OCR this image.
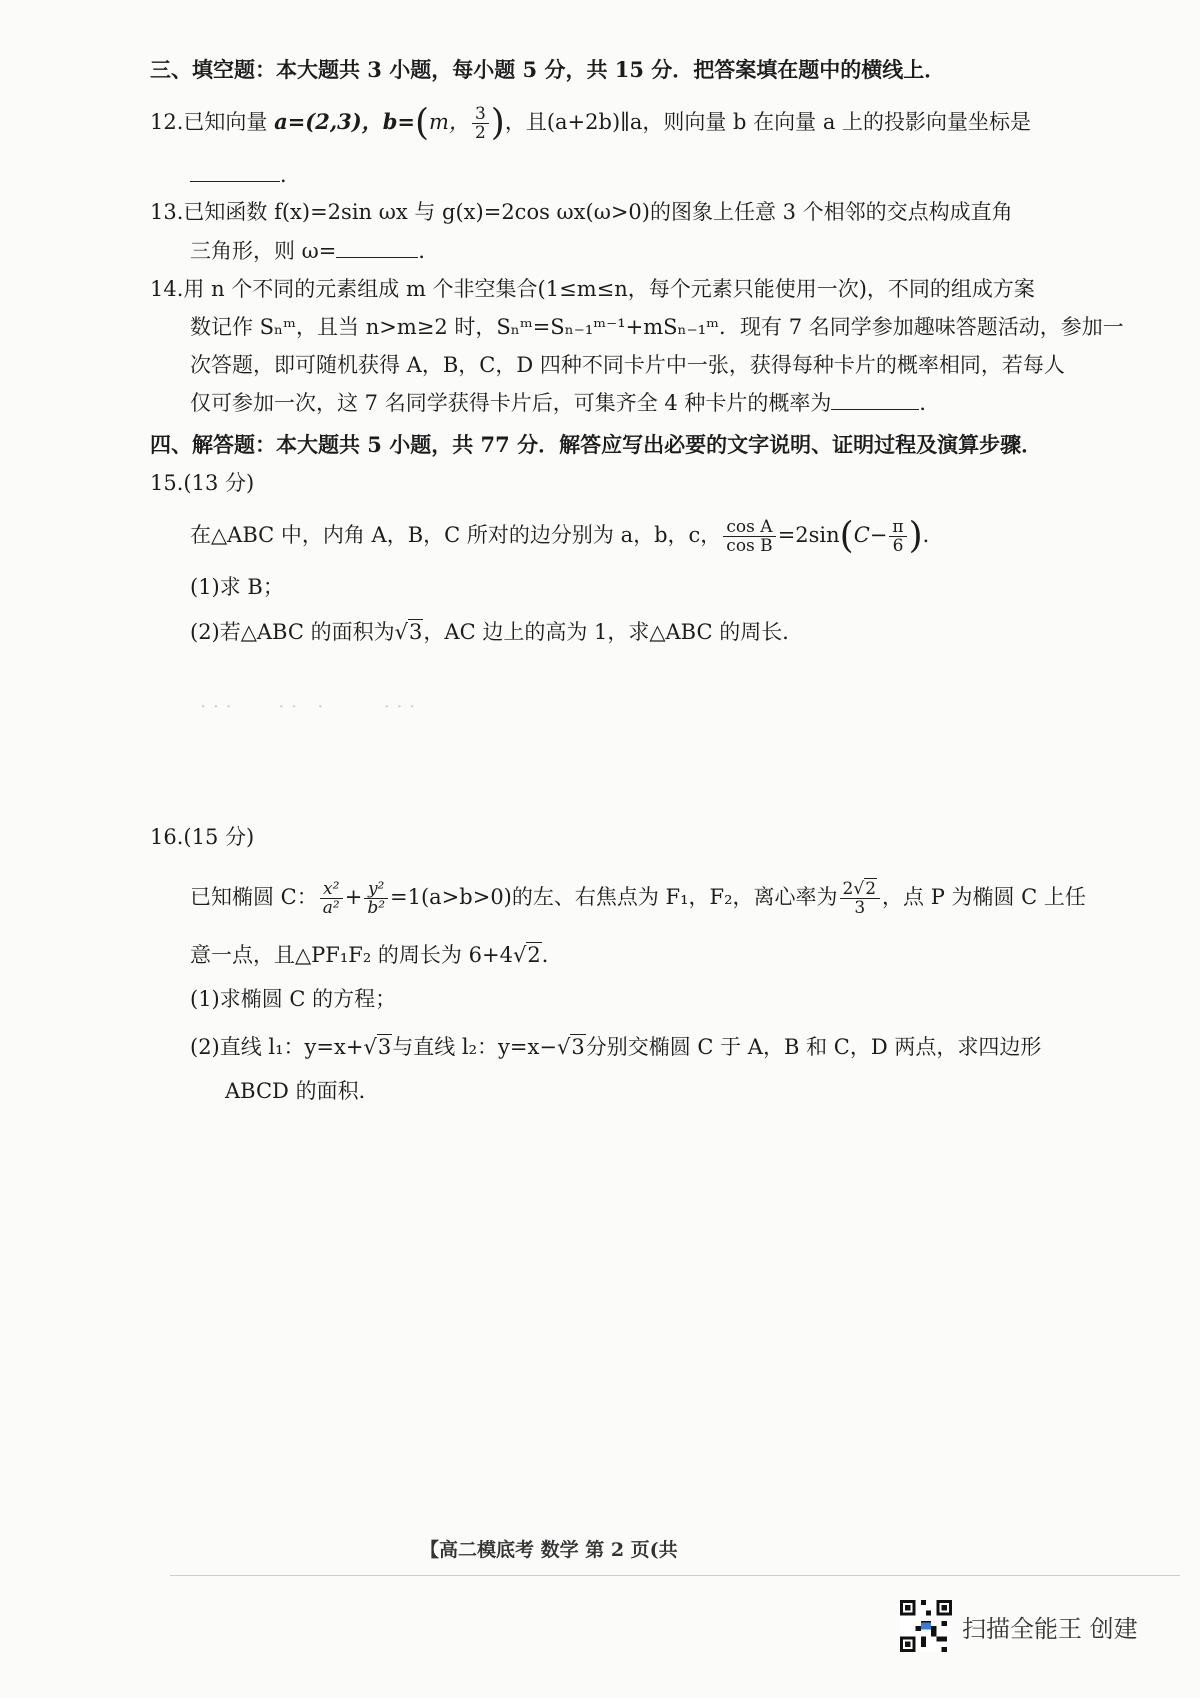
· · ·　　 · ·　·　　　· · ·
三、填空题：本大题共 3 小题，每小题 5 分，共 15 分．把答案填在题中的横线上．
12.已知向量 a=(2,3)，b=(m， $\frac{3}{2}$ )，且(a+2b)∥a，则向量 b 在向量 a 上的投影向量坐标是
．
13.已知函数 f(x)=2sin ωx 与 g(x)=2cos ωx(ω>0)的图象上任意 3 个相邻的交点构成直角
三角形，则 ω=	．
14.用 n 个不同的元素组成 m 个非空集合(1≤m≤n，每个元素只能使用一次)，不同的组成方案
数记作 Sₙᵐ，且当 n>m≥2 时，Sₙᵐ=Sₙ₋₁ᵐ⁻¹+mSₙ₋₁ᵐ．现有 7 名同学参加趣味答题活动，参加一
次答题，即可随机获得 A，B，C，D 四种不同卡片中一张，获得每种卡片的概率相同，若每人
仅可参加一次，这 7 名同学获得卡片后，可集齐全 4 种卡片的概率为	．
四、解答题：本大题共 5 小题，共 77 分．解答应写出必要的文字说明、证明过程及演算步骤．
15.(13 分)
在△ABC 中，内角 A，B，C 所对的边分别为 a，b，c， $\frac{\text{cos A}}{\text{cos B}} =2\sin(C- \frac{\pi}{6}$ )．
(1)求 B；
(2)若△ABC 的面积为√3，AC 边上的高为 1，求△ABC 的周长．
16.(15 分)
已知椭圆 C： $\frac{\text{x²}}{\text{a²}} + \frac{\text{y²}}{\text{b²}} =1(a>b>0)$的左、右焦点为 F₁，F₂，离心率为 $\frac{2√2}{3}$ ，点 P 为椭圆 C 上任
意一点，且△PF₁F₂ 的周长为 6+4√2．
(1)求椭圆 C 的方程；
(2)直线 l₁：y=x+√3与直线 l₂：y=x−√3分别交椭圆 C 于 A，B 和 C，D 两点，求四边形
ABCD 的面积．
【高二模底考 数学 第 2 页(共
扫描全能王 创建
